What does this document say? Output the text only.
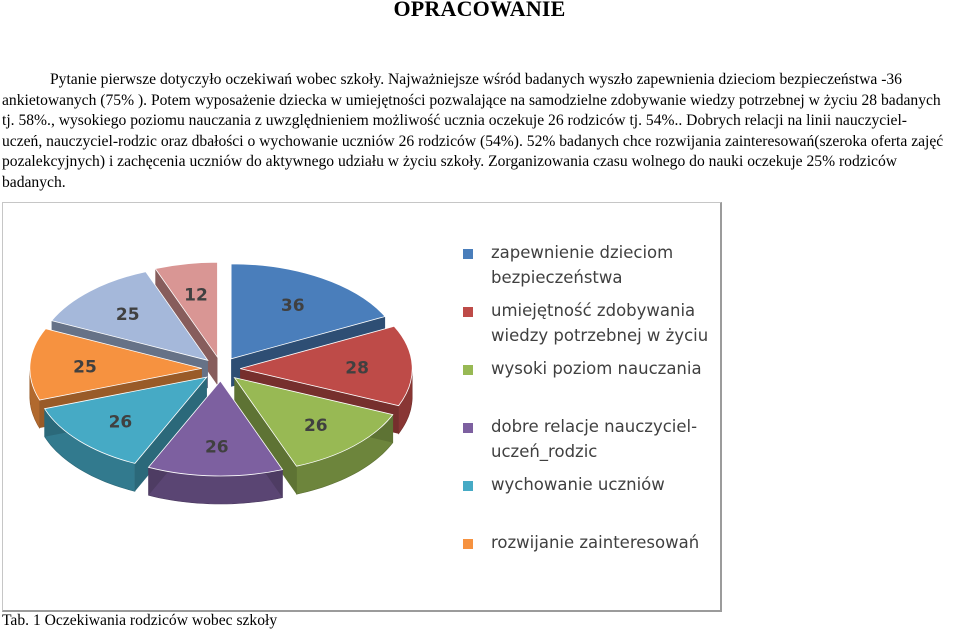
OPRACOWANIE
Pytanie pierwsze dotyczyło oczekiwań wobec szkoły. Najważniejsze wśród badanych wyszło zapewnienia dzieciom bezpieczeństwa -36
ankietowanych (75% ). Potem wyposażenie dziecka w umiejętności pozwalające na samodzielne zdobywanie wiedzy potrzebnej w życiu 28 badanych
tj. 58%., wysokiego poziomu nauczania z uwzględnieniem możliwość ucznia oczekuje 26 rodziców tj. 54%.. Dobrych relacji na linii nauczyciel-
uczeń, nauczyciel-rodzic oraz dbałości o wychowanie uczniów 26 rodziców (54%). 52% badanych chce rozwijania zainteresowań(szeroka oferta zajęć
pozalekcyjnych) i zachęcenia uczniów do aktywnego udziału w życiu szkoły. Zorganizowania czasu wolnego do nauki oczekuje 25% rodziców
badanych.
36
28
26
26
26
25
25
12
zapewnienie dzieciom
bezpieczeństwa
umiejętność zdobywania
wiedzy potrzebnej w życiu
wysoki poziom nauczania
dobre relacje nauczyciel-
uczeń_rodzic
wychowanie uczniów
rozwijanie zainteresowań
Tab. 1 Oczekiwania rodziców wobec szkoły
